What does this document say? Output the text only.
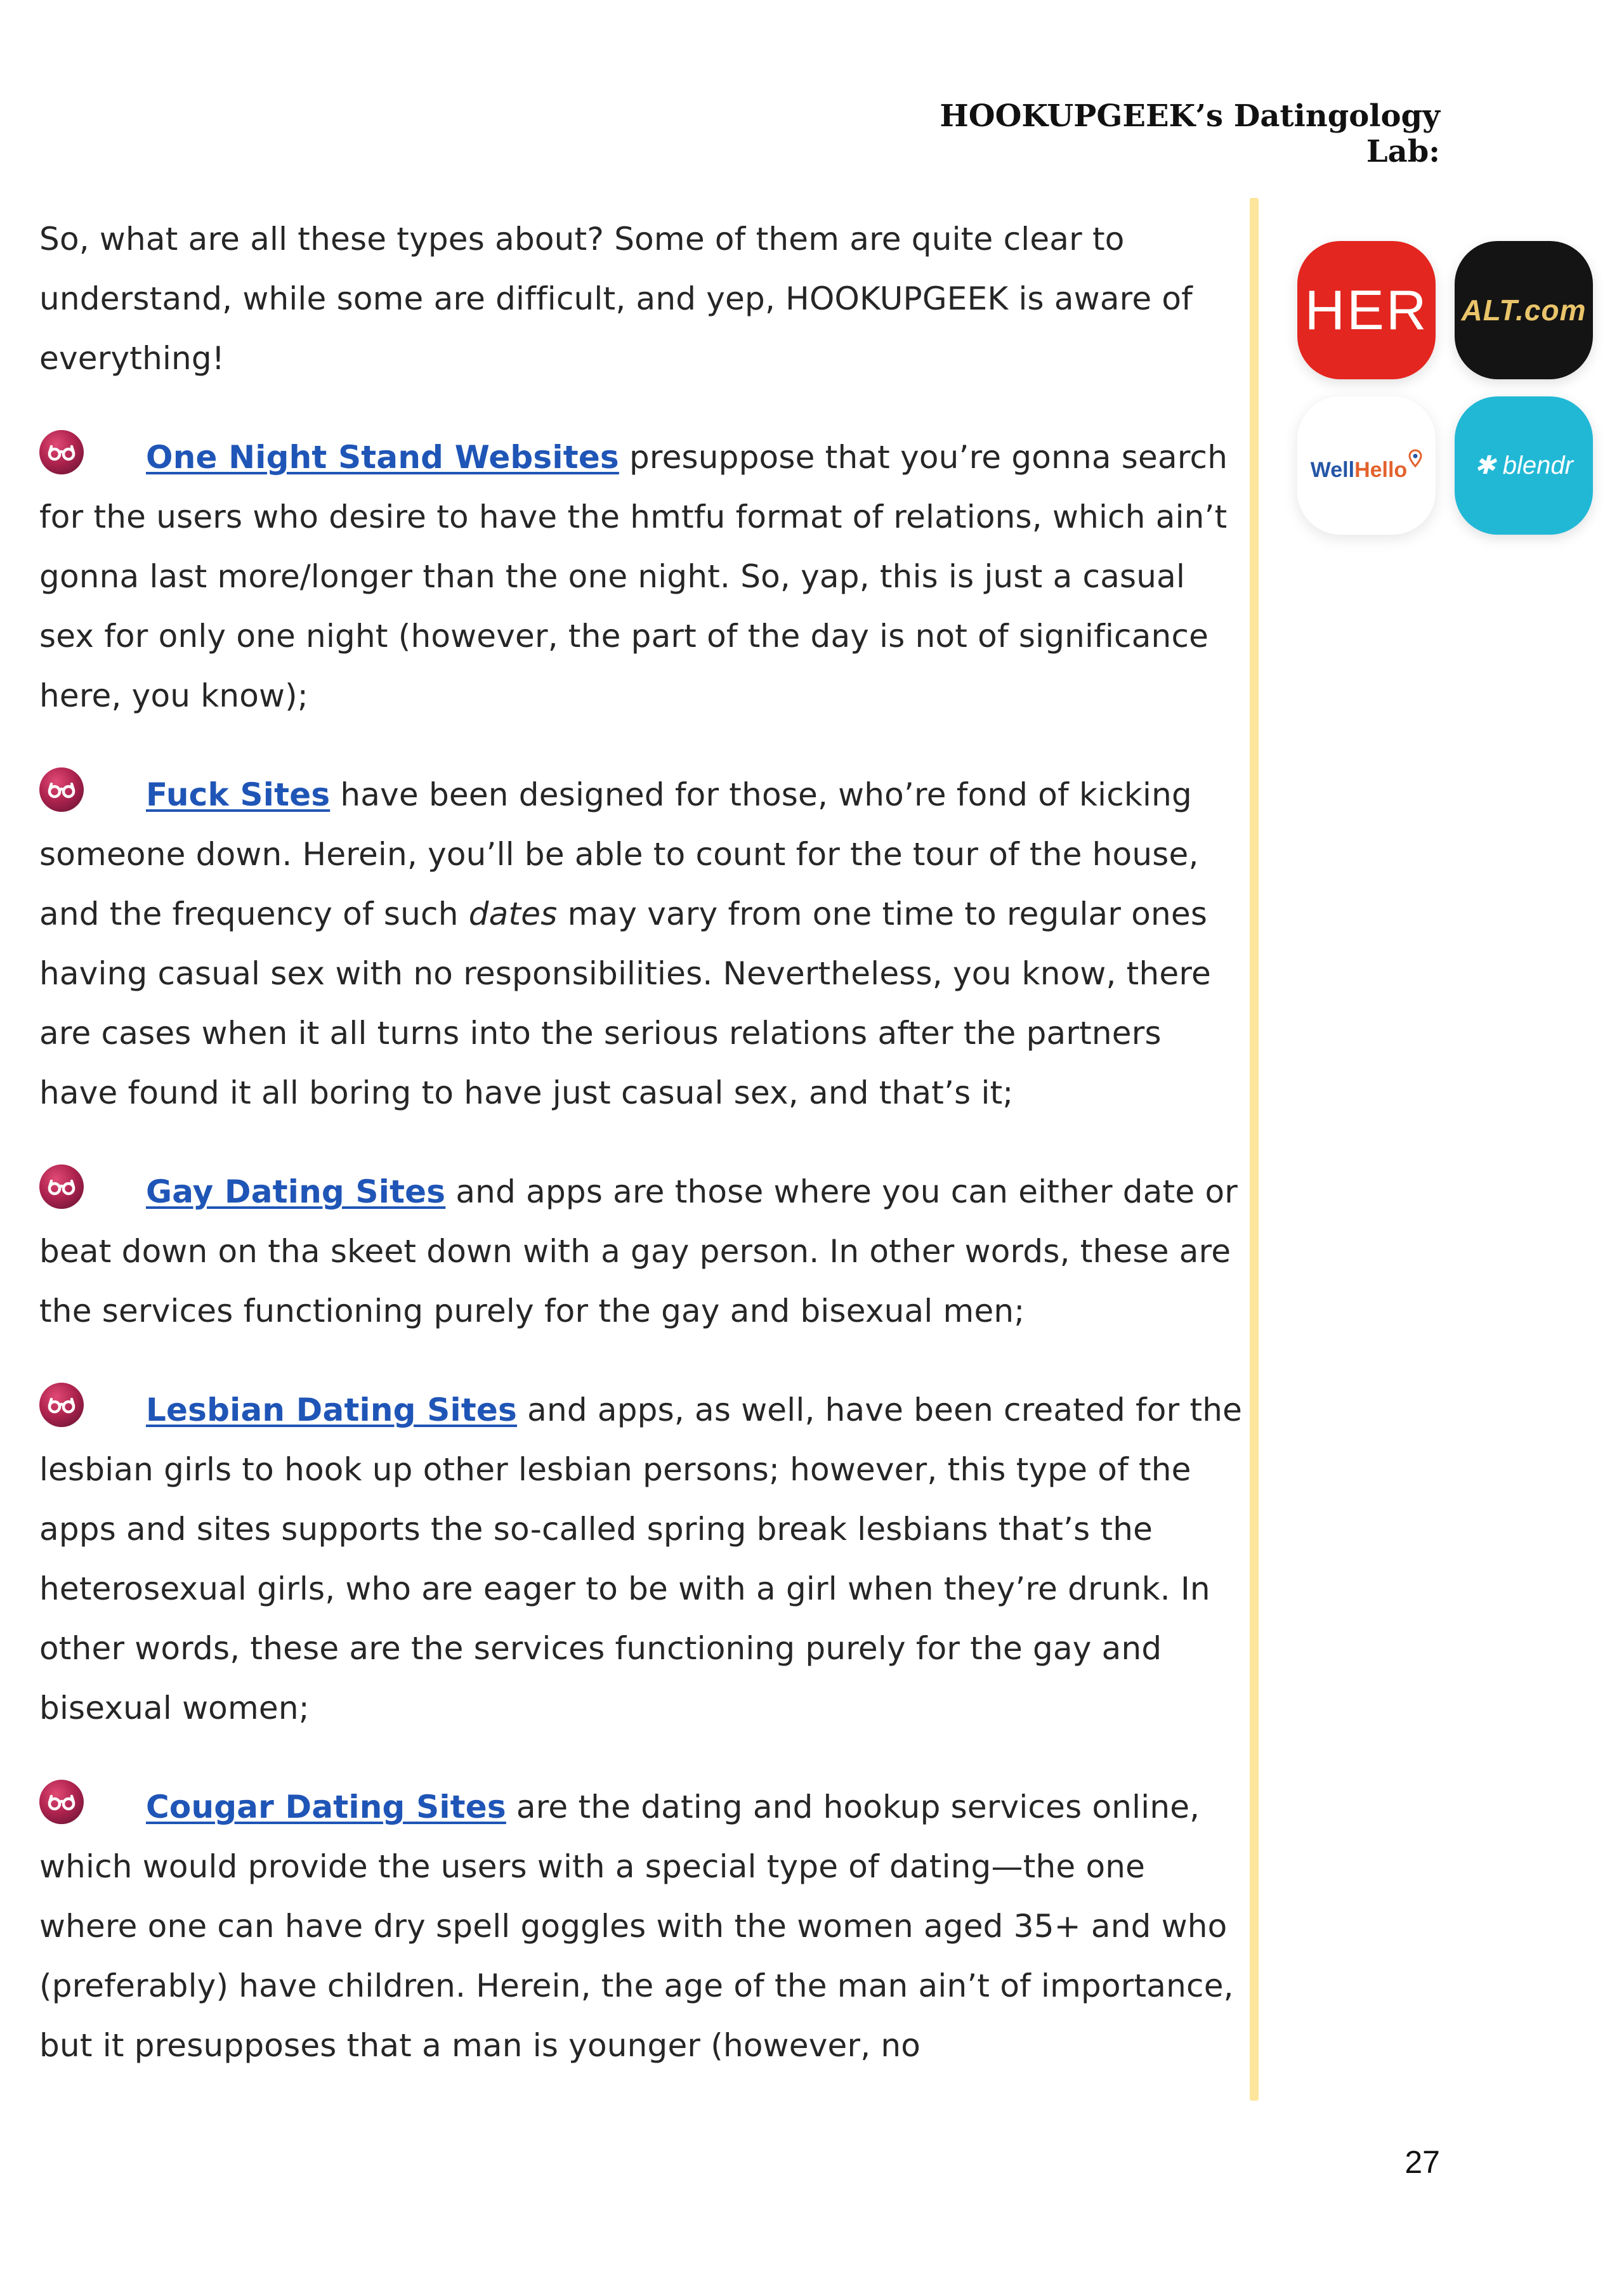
HOOKUPGEEK’s Datingology Lab:

So, what are all these types about? Some of them are quite clear to understand, while some are difficult, and yep, HOOKUPGEEK is aware of everything!

One Night Stand Websites presuppose that you’re gonna search for the users who desire to have the hmtfu format of relations, which ain’t gonna last more/longer than the one night. So, yap, this is just a casual sex for only one night (however, the part of the day is not of significance here, you know);

Fuck Sites have been designed for those, who’re fond of kicking someone down. Herein, you’ll be able to count for the tour of the house, and the frequency of such dates may vary from one time to regular ones having casual sex with no responsibilities. Nevertheless, you know, there are cases when it all turns into the serious relations after the partners have found it all boring to have just casual sex, and that’s it;

Gay Dating Sites and apps are those where you can either date or beat down on tha skeet down with a gay person. In other words, these are the services functioning purely for the gay and bisexual men;

Lesbian Dating Sites and apps, as well, have been created for the lesbian girls to hook up other lesbian persons; however, this type of the apps and sites supports the so-called spring break lesbians that’s the heterosexual girls, who are eager to be with a girl when they’re drunk. In other words, these are the services functioning purely for the gay and bisexual women;

Cougar Dating Sites are the dating and hookup services online, which would provide the users with a special type of dating—the one where one can have dry spell goggles with the women aged 35+ and who (preferably) have children. Herein, the age of the man ain’t of importance, but it presupposes that a man is younger (however, no

HER ALT.com
WellHello	✱ blendr
27
